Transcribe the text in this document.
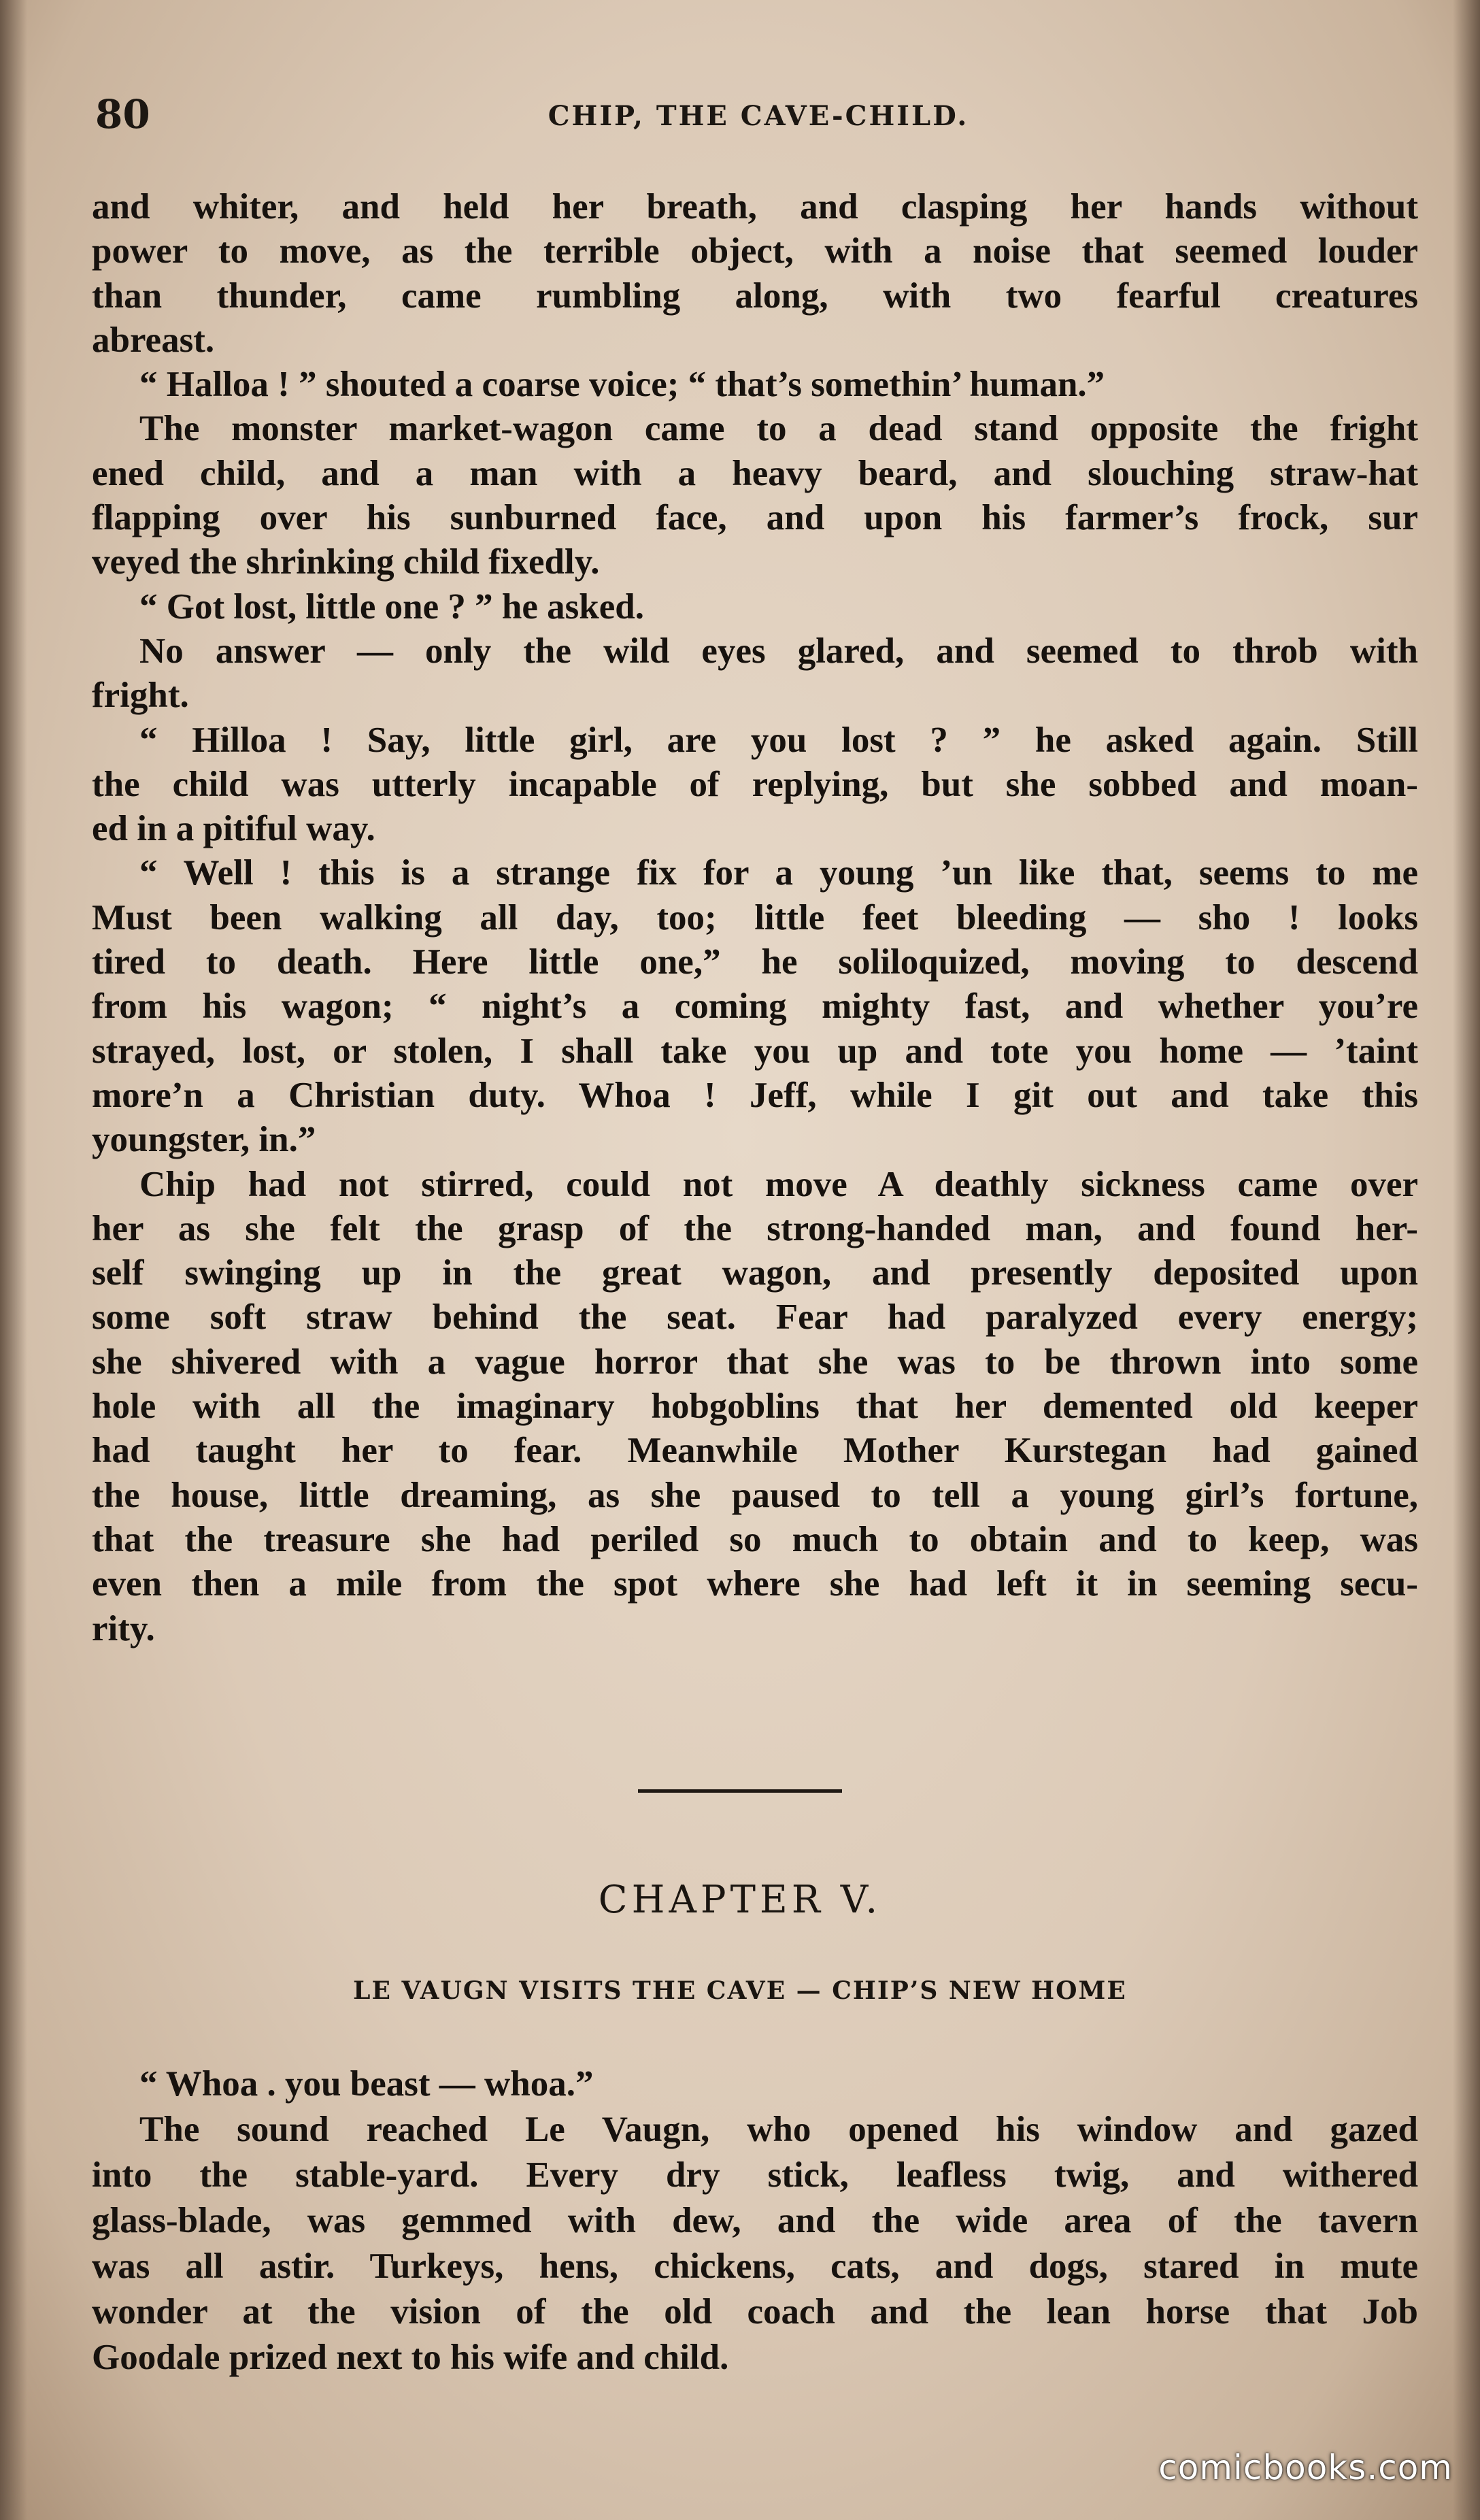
80	CHIP, THE CAVE-CHILD.
and whiter, and held her breath, and clasping her hands without
power to move, as the terrible object, with a noise that seemed louder
than thunder, came rumbling along, with two fearful creatures
abreast.
“ Halloa ! ” shouted a coarse voice; “ that’s somethin’ human.”
The monster market-wagon came to a dead stand opposite the fright
ened child, and a man with a heavy beard, and slouching straw-hat
flapping over his sunburned face, and upon his farmer’s frock, sur
veyed the shrinking child fixedly.
“ Got lost, little one ? ” he asked.
No answer — only the wild eyes glared, and seemed to throb with
fright.
“ Hilloa ! Say, little girl, are you lost ? ” he asked again. Still
the child was utterly incapable of replying, but she sobbed and moan-
ed in a pitiful way.
“ Well ! this is a strange fix for a young ’un like that, seems to me
Must been walking all day, too; little feet bleeding — sho ! looks
tired to death. Here little one,” he soliloquized, moving to descend
from his wagon; “ night’s a coming mighty fast, and whether you’re
strayed, lost, or stolen, I shall take you up and tote you home — ’taint
more’n a Christian duty. Whoa ! Jeff, while I git out and take this
youngster, in.”
Chip had not stirred, could not move A deathly sickness came over
her as she felt the grasp of the strong-handed man, and found her-
self swinging up in the great wagon, and presently deposited upon
some soft straw behind the seat. Fear had paralyzed every energy;
she shivered with a vague horror that she was to be thrown into some
hole with all the imaginary hobgoblins that her demented old keeper
had taught her to fear. Meanwhile Mother Kurstegan had gained
the house, little dreaming, as she paused to tell a young girl’s fortune,
that the treasure she had periled so much to obtain and to keep, was
even then a mile from the spot where she had left it in seeming secu-
rity.
CHAPTER V.
LE VAUGN VISITS THE CAVE — CHIP’S NEW HOME
“ Whoa . you beast — whoa.”
The sound reached Le Vaugn, who opened his window and gazed
into the stable-yard. Every dry stick, leafless twig, and withered
glass-blade, was gemmed with dew, and the wide area of the tavern
was all astir. Turkeys, hens, chickens, cats, and dogs, stared in mute
wonder at the vision of the old coach and the lean horse that Job
Goodale prized next to his wife and child.
comicbooks.com
